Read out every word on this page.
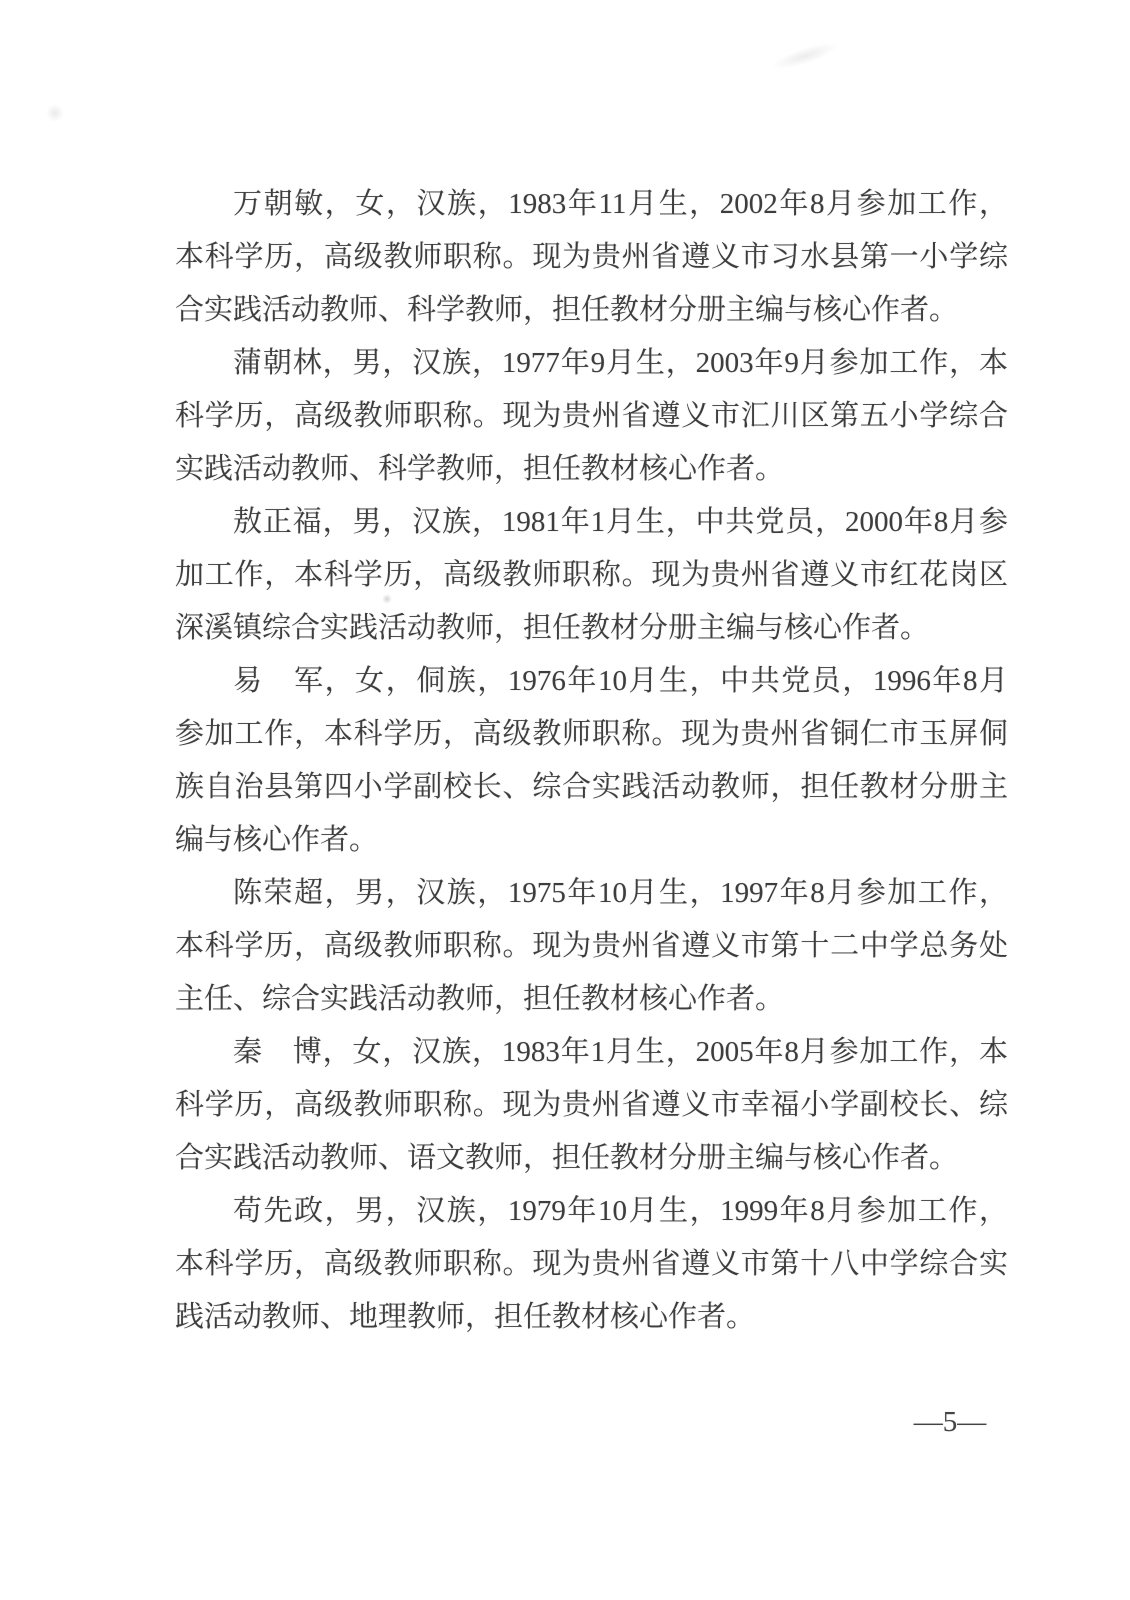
万朝敏，女，汉族，1983年11月生，2002年8月参加工作，
本科学历，高级教师职称。现为贵州省遵义市习水县第一小学综
合实践活动教师、科学教师，担任教材分册主编与核心作者。
蒲朝林，男，汉族，1977年9月生，2003年9月参加工作，本
科学历，高级教师职称。现为贵州省遵义市汇川区第五小学综合
实践活动教师、科学教师，担任教材核心作者。
敖正福，男，汉族，1981年1月生，中共党员，2000年8月参
加工作，本科学历，高级教师职称。现为贵州省遵义市红花岗区
深溪镇综合实践活动教师，担任教材分册主编与核心作者。
易　军，女，侗族，1976年10月生，中共党员，1996年8月
参加工作，本科学历，高级教师职称。现为贵州省铜仁市玉屏侗
族自治县第四小学副校长、综合实践活动教师，担任教材分册主
编与核心作者。
陈荣超，男，汉族，1975年10月生，1997年8月参加工作，
本科学历，高级教师职称。现为贵州省遵义市第十二中学总务处
主任、综合实践活动教师，担任教材核心作者。
秦　博，女，汉族，1983年1月生，2005年8月参加工作，本
科学历，高级教师职称。现为贵州省遵义市幸福小学副校长、综
合实践活动教师、语文教师，担任教材分册主编与核心作者。
苟先政，男，汉族，1979年10月生，1999年8月参加工作，
本科学历，高级教师职称。现为贵州省遵义市第十八中学综合实
践活动教师、地理教师，担任教材核心作者。
—5—
